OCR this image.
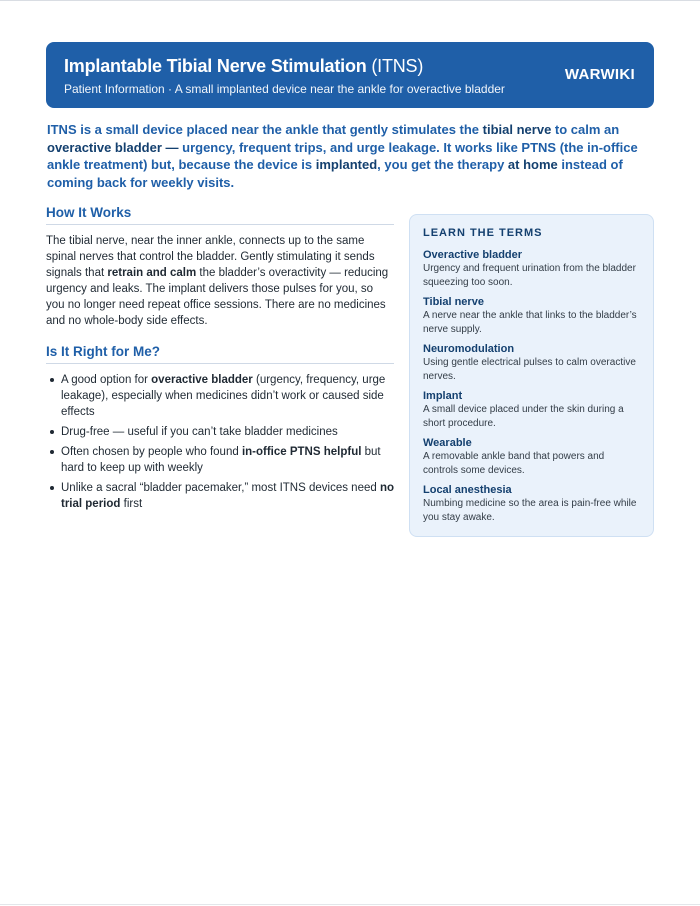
Implantable Tibial Nerve Stimulation (ITNS)
Patient Information · A small implanted device near the ankle for overactive bladder
WARWIKI
ITNS is a small device placed near the ankle that gently stimulates the tibial nerve to calm an overactive bladder — urgency, frequent trips, and urge leakage. It works like PTNS (the in-office ankle treatment) but, because the device is implanted, you get the therapy at home instead of coming back for weekly visits.
How It Works

The tibial nerve, near the inner ankle, connects up to the same spinal nerves that control the bladder. Gently stimulating it sends signals that retrain and calm the bladder’s overactivity — reducing urgency and leaks. The implant delivers those pulses for you, so you no longer need repeat office sessions. There are no medicines and no whole-body side effects.

Is It Right for Me?
A good option for overactive bladder (urgency, frequency, urge leakage), especially when medicines didn’t work or caused side effects
Drug-free — useful if you can’t take bladder medicines
Often chosen by people who found in-office PTNS helpful but hard to keep up with weekly
Unlike a sacral “bladder pacemaker,” most ITNS devices need no trial period first
LEARN THE TERMS
Overactive bladder
Urgency and frequent urination from the bladder squeezing too soon.
Tibial nerve
A nerve near the ankle that links to the bladder’s nerve supply.
Neuromodulation
Using gentle electrical pulses to calm overactive nerves.
Implant
A small device placed under the skin during a short procedure.
Wearable
A removable ankle band that powers and controls some devices.
Local anesthesia
Numbing medicine so the area is pain-free while you stay awake.
